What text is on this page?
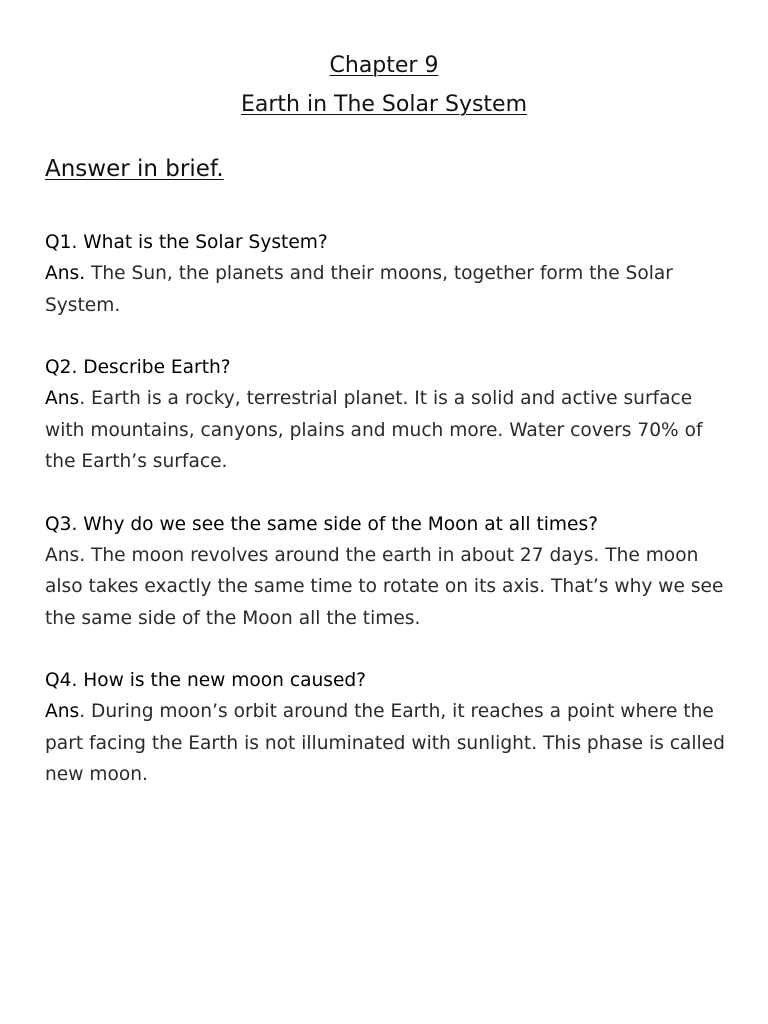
Chapter 9
Earth in The Solar System
Answer in brief.
Q1. What is the Solar System?
Ans. The Sun, the planets and their moons, together form the Solar System.
Q2. Describe Earth?
Ans. Earth is a rocky, terrestrial planet. It is a solid and active surface with mountains, canyons, plains and much more. Water covers 70% of the Earth’s surface.
Q3. Why do we see the same side of the Moon at all times?
Ans. The moon revolves around the earth in about 27 days. The moon also takes exactly the same time to rotate on its axis. That’s why we see the same side of the Moon all the times.
Q4. How is the new moon caused?
Ans. During moon’s orbit around the Earth, it reaches a point where the part facing the Earth is not illuminated with sunlight. This phase is called new moon.
